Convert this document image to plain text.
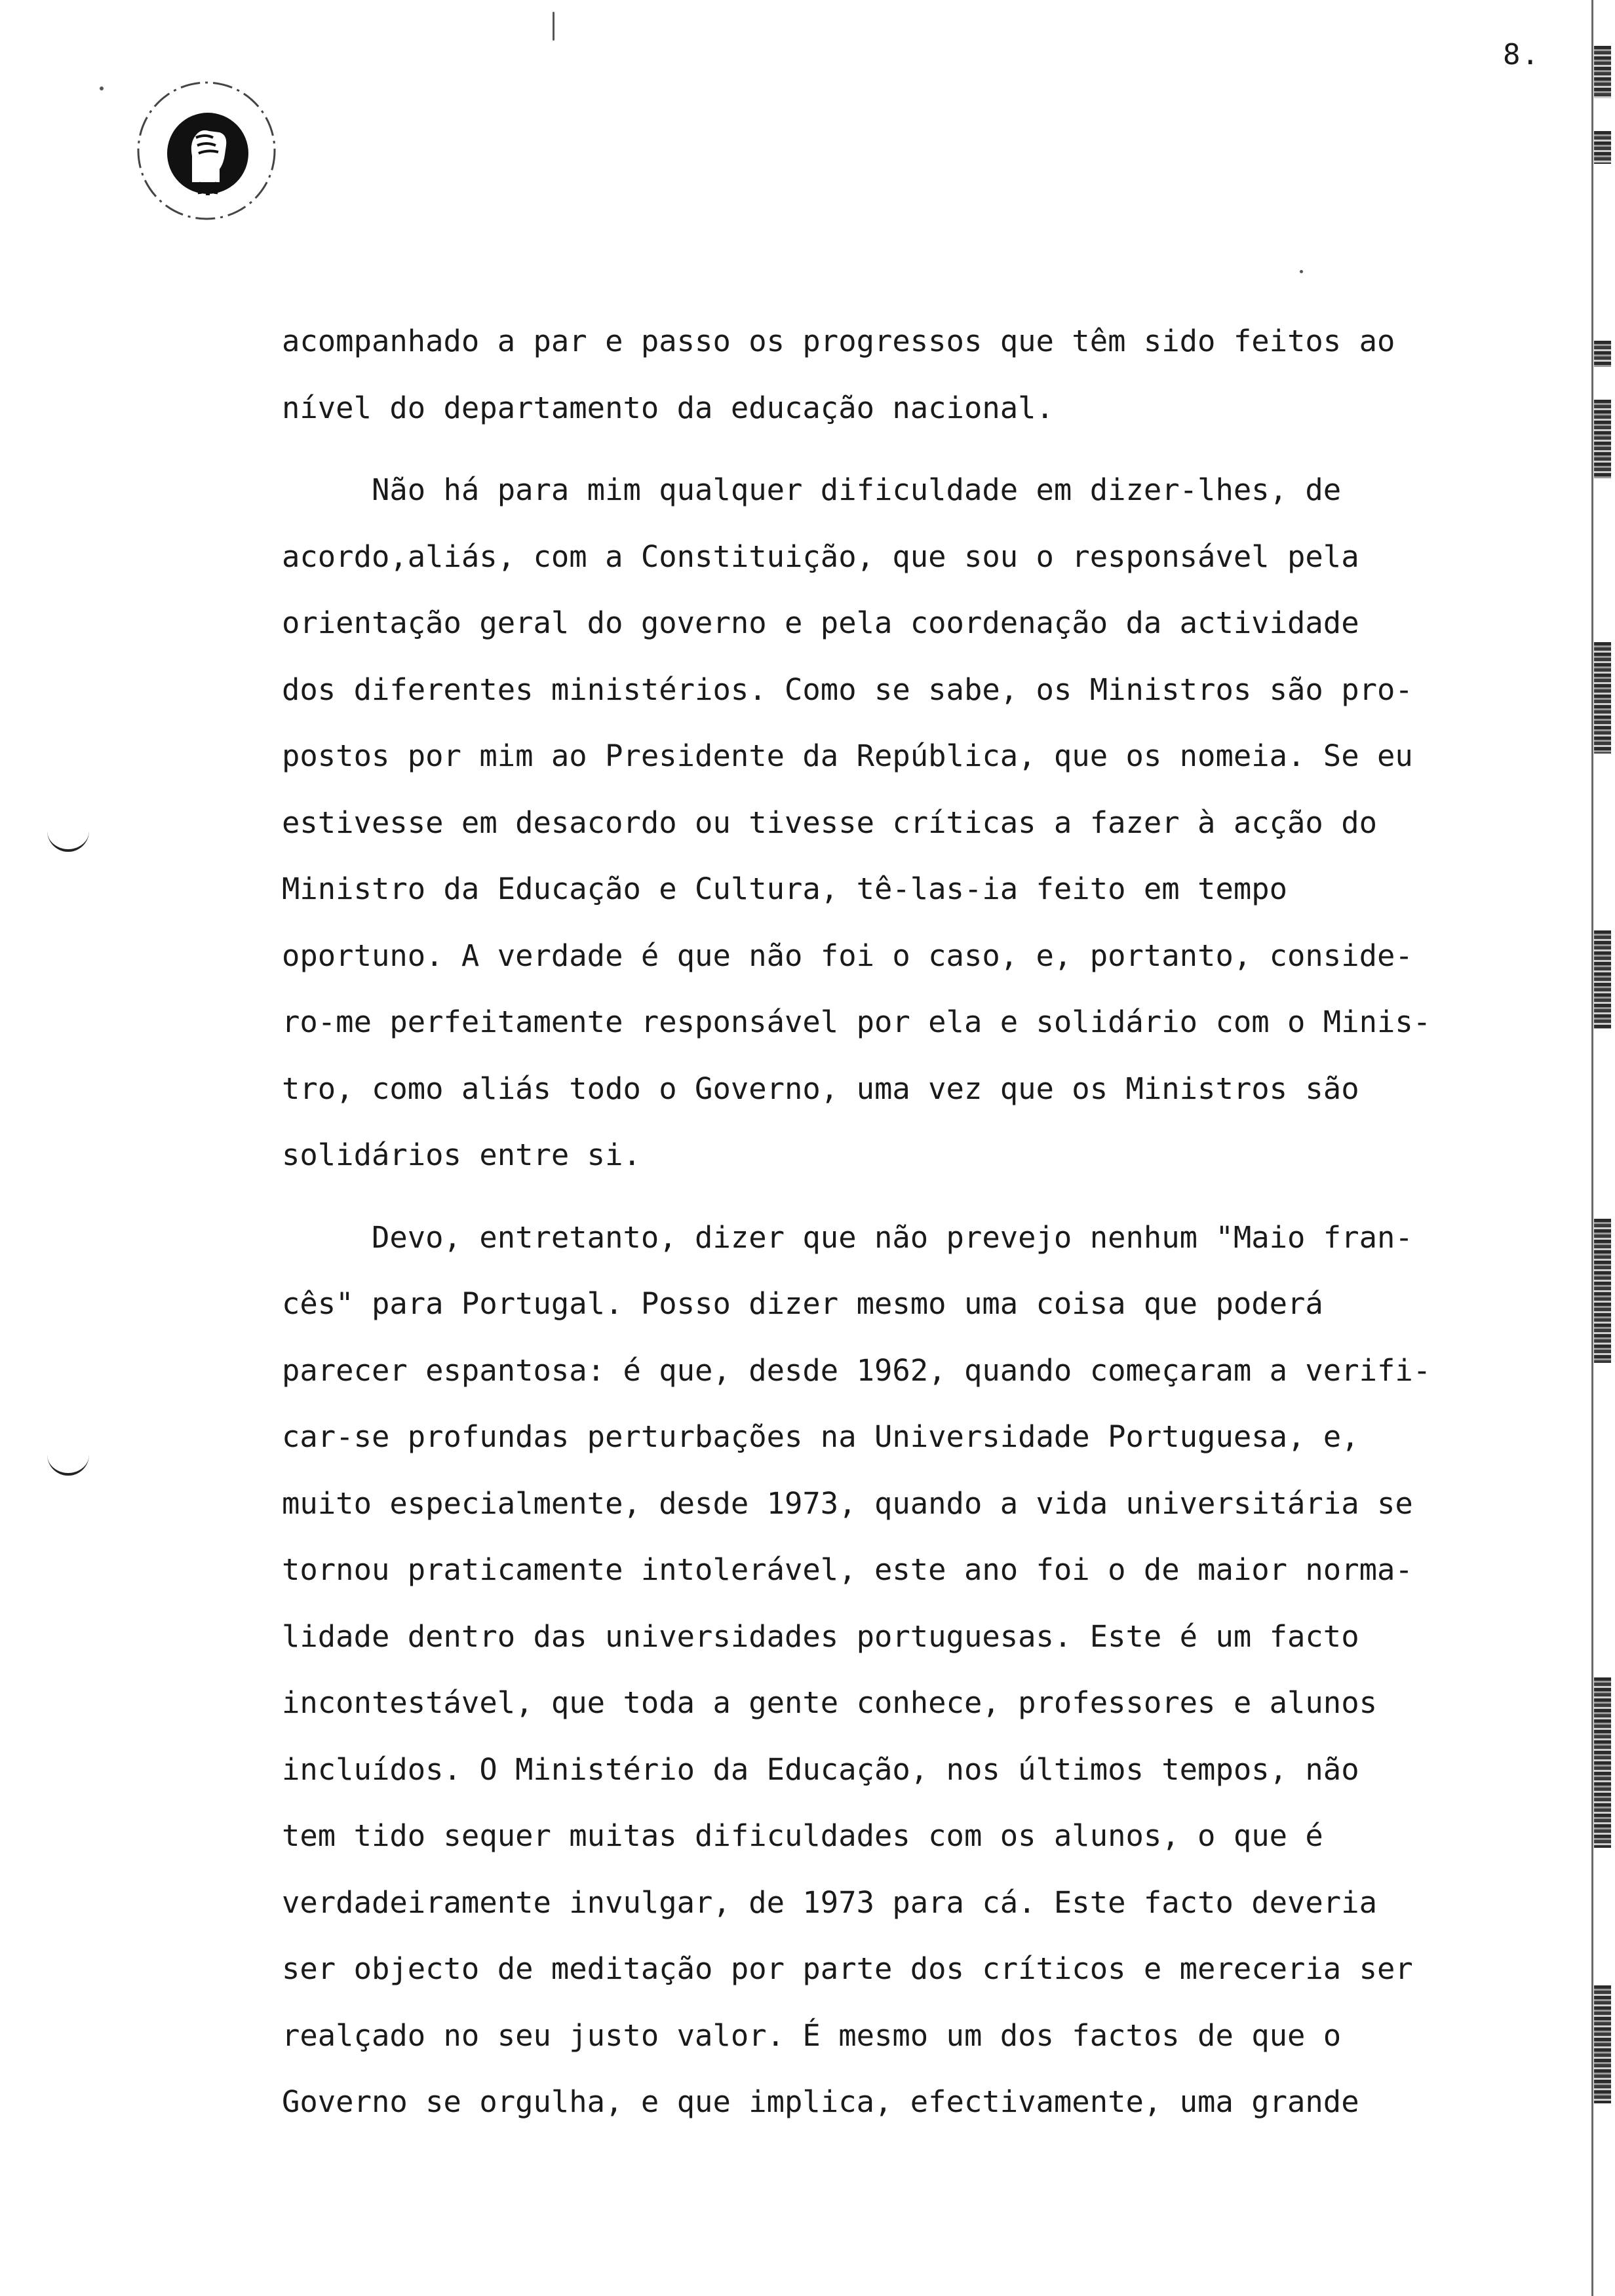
8.

acompanhado a par e passo os progressos que têm sido feitos ao
nível do departamento da educação nacional.

Não há para mim qualquer dificuldade em dizer-lhes, de
acordo,aliás, com a Constituição, que sou o responsável pela
orientação geral do governo e pela coordenação da actividade
dos diferentes ministérios. Como se sabe, os Ministros são pro-
postos por mim ao Presidente da República, que os nomeia. Se eu
estivesse em desacordo ou tivesse críticas a fazer à acção do
Ministro da Educação e Cultura, tê-las-ia feito em tempo
oportuno. A verdade é que não foi o caso, e, portanto, conside-
ro-me perfeitamente responsável por ela e solidário com o Minis-
tro, como aliás todo o Governo, uma vez que os Ministros são
solidários entre si.

Devo, entretanto, dizer que não prevejo nenhum "Maio fran-
cês" para Portugal. Posso dizer mesmo uma coisa que poderá
parecer espantosa: é que, desde 1962, quando começaram a verifi-
car-se profundas perturbações na Universidade Portuguesa, e,
muito especialmente, desde 1973, quando a vida universitária se
tornou praticamente intolerável, este ano foi o de maior norma-
lidade dentro das universidades portuguesas. Este é um facto
incontestável, que toda a gente conhece, professores e alunos
incluídos. O Ministério da Educação, nos últimos tempos, não
tem tido sequer muitas dificuldades com os alunos, o que é
verdadeiramente invulgar, de 1973 para cá. Este facto deveria
ser objecto de meditação por parte dos críticos e mereceria ser
realçado no seu justo valor. É mesmo um dos factos de que o
Governo se orgulha, e que implica, efectivamente, uma grande
